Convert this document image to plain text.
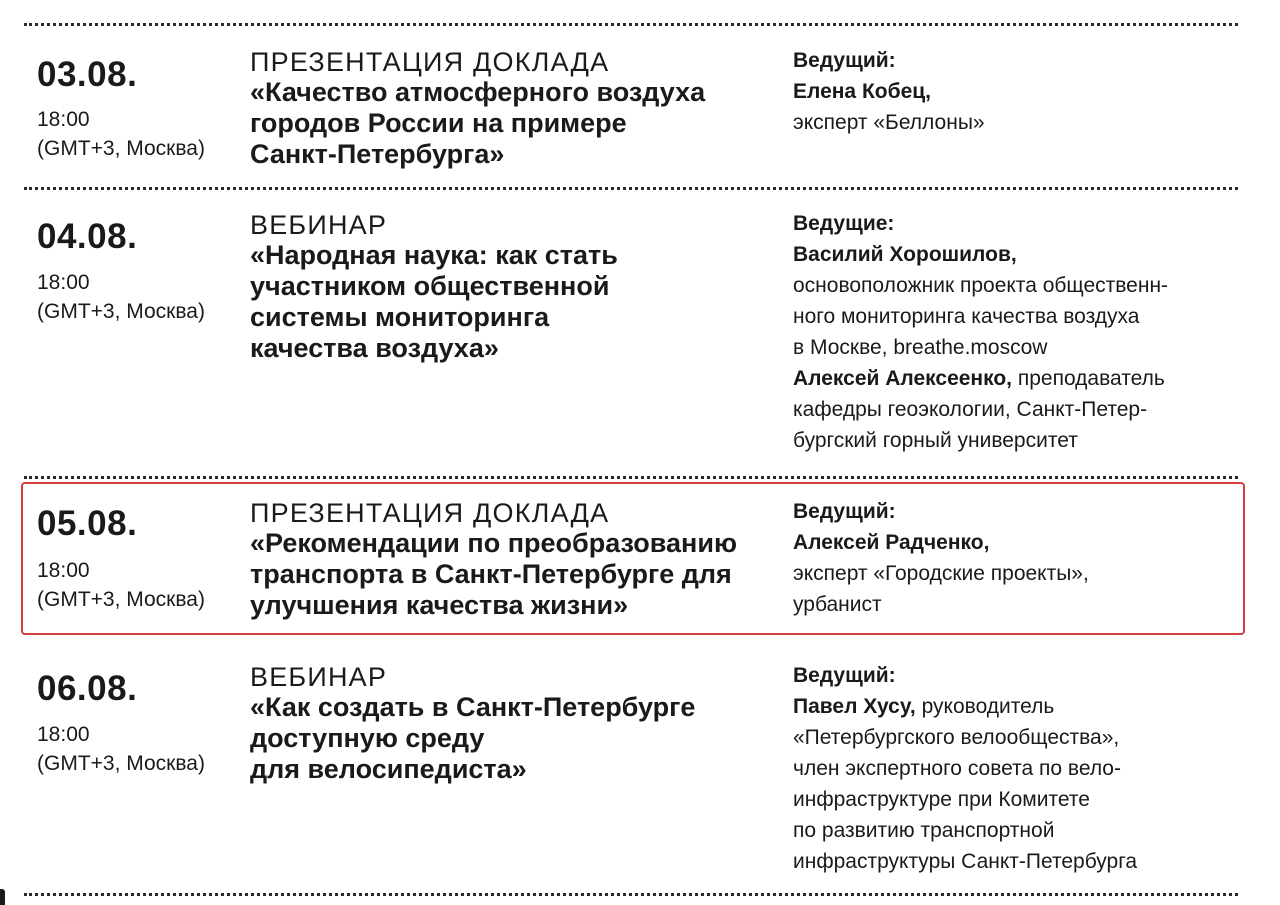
03.08.
18:00
(GMT+3, Москва)
ПРЕЗЕНТАЦИЯ ДОКЛАДА
«Качество атмосферного воздуха
городов России на примере
Санкт-Петербурга»
Ведущий:
Елена Кобец,
эксперт «Беллоны»
04.08.
18:00
(GMT+3, Москва)
ВЕБИНАР
«Народная наука: как стать
участником общественной
системы мониторинга
качества воздуха»
Ведущие:
Василий Хорошилов,
основоположник проекта общественн-
ного мониторинга качества воздуха
в Москве, breathe.moscow
Алексей Алексеенко, преподаватель
кафедры геоэкологии, Санкт-Петер-
бургский горный университет
05.08.
18:00
(GMT+3, Москва)
ПРЕЗЕНТАЦИЯ ДОКЛАДА
«Рекомендации по преобразованию
транспорта в Санкт-Петербурге для
улучшения качества жизни»
Ведущий:
Алексей Радченко,
эксперт «Городские проекты»,
урбанист
06.08.
18:00
(GMT+3, Москва)
ВЕБИНАР
«Как создать в Санкт-Петербурге
доступную среду
для велосипедиста»
Ведущий:
Павел Хусу, руководитель
«Петербургского велообщества»,
член экспертного совета по вело-
инфраструктуре при Комитете
по развитию транспортной
инфраструктуры Санкт-Петербурга
